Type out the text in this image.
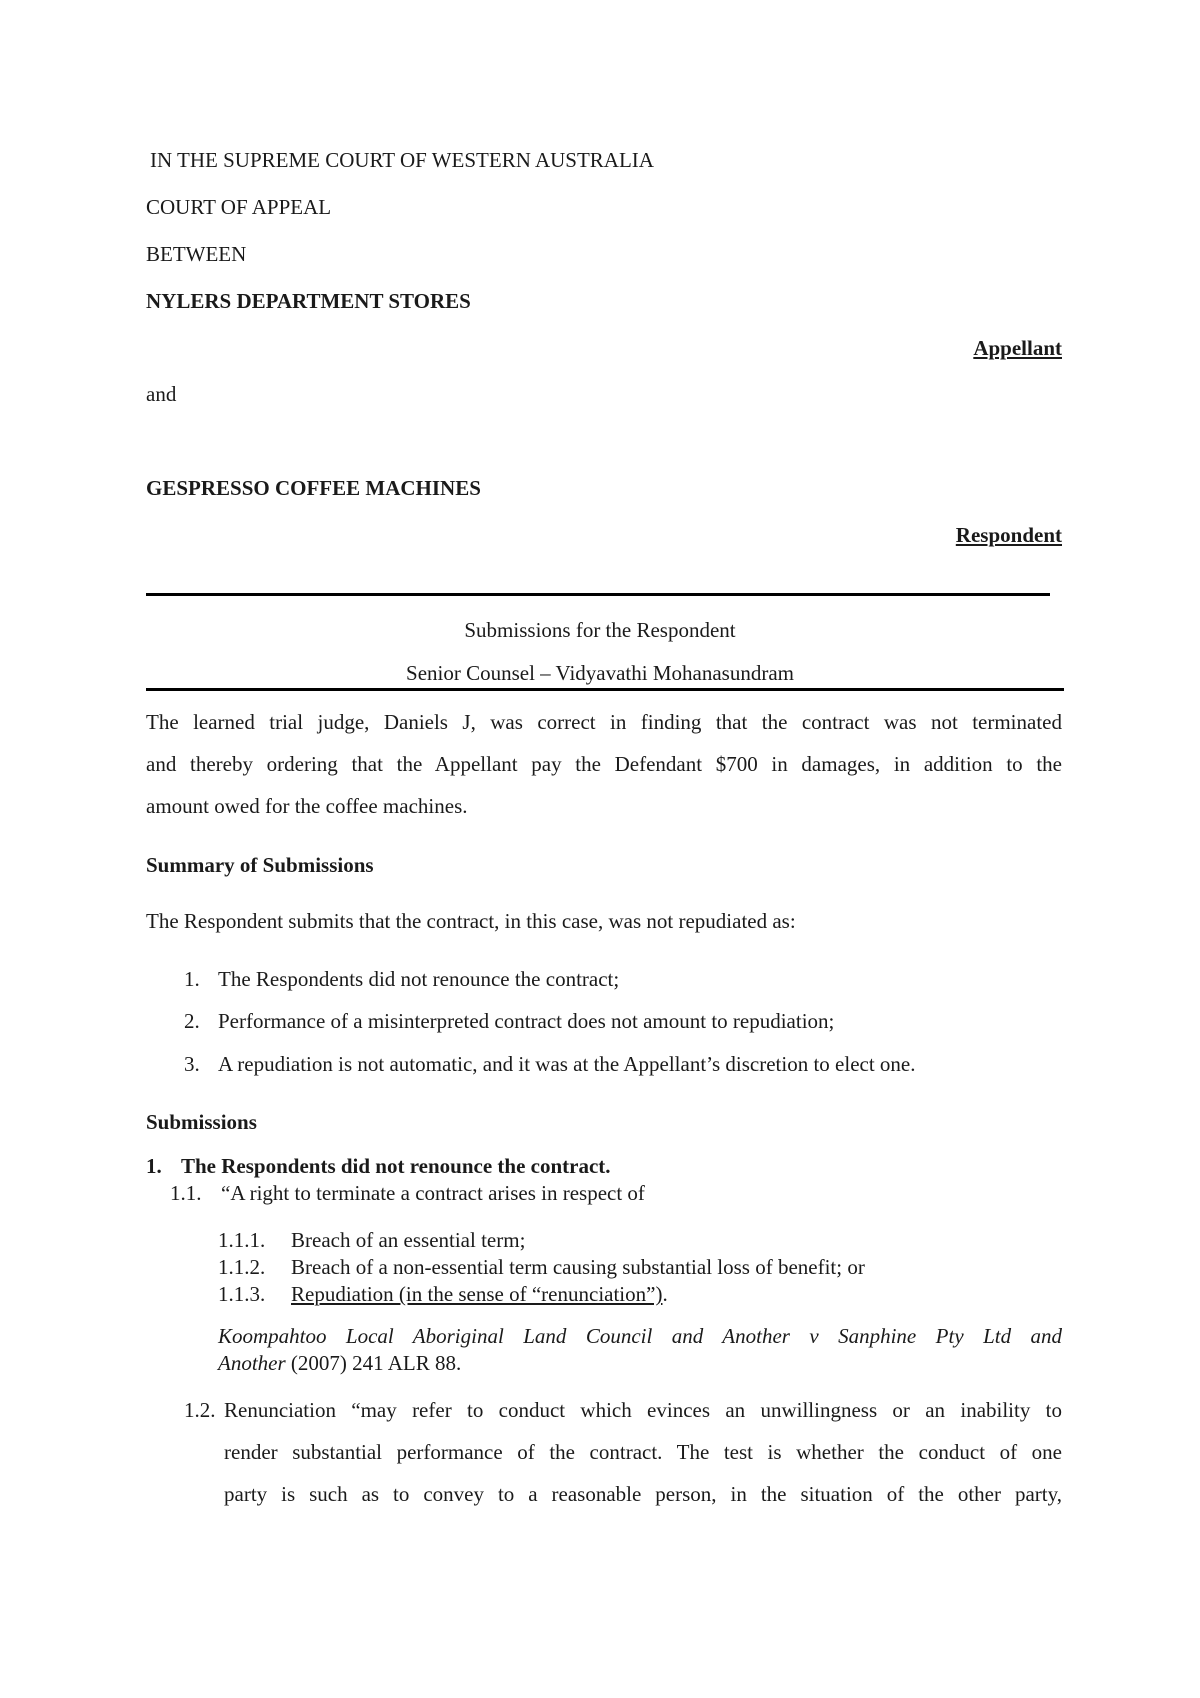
IN THE SUPREME COURT OF WESTERN AUSTRALIA
COURT OF APPEAL
BETWEEN
NYLERS DEPARTMENT STORES
Appellant
and
GESPRESSO COFFEE MACHINES
Respondent
Submissions for the Respondent
Senior Counsel – Vidyavathi Mohanasundram
The learned trial judge, Daniels J, was correct in finding that the contract was not terminated
and thereby ordering that the Appellant pay the Defendant $700 in damages, in addition to the
amount owed for the coffee machines.
Summary of Submissions
The Respondent submits that the contract, in this case, was not repudiated as:
1. The Respondents did not renounce the contract;
2. Performance of a misinterpreted contract does not amount to repudiation;
3. A repudiation is not automatic, and it was at the Appellant’s discretion to elect one.
Submissions
1. The Respondents did not renounce the contract.
1.1. “A right to terminate a contract arises in respect of
1.1.1. Breach of an essential term;
1.1.2. Breach of a non-essential term causing substantial loss of benefit; or
1.1.3. Repudiation (in the sense of “renunciation”).
Koompahtoo Local Aboriginal Land Council and Another v Sanphine Pty Ltd and
Another (2007) 241 ALR 88.
1.2. Renunciation “may refer to conduct which evinces an unwillingness or an inability to
render substantial performance of the contract. The test is whether the conduct of one
party is such as to convey to a reasonable person, in the situation of the other party,
